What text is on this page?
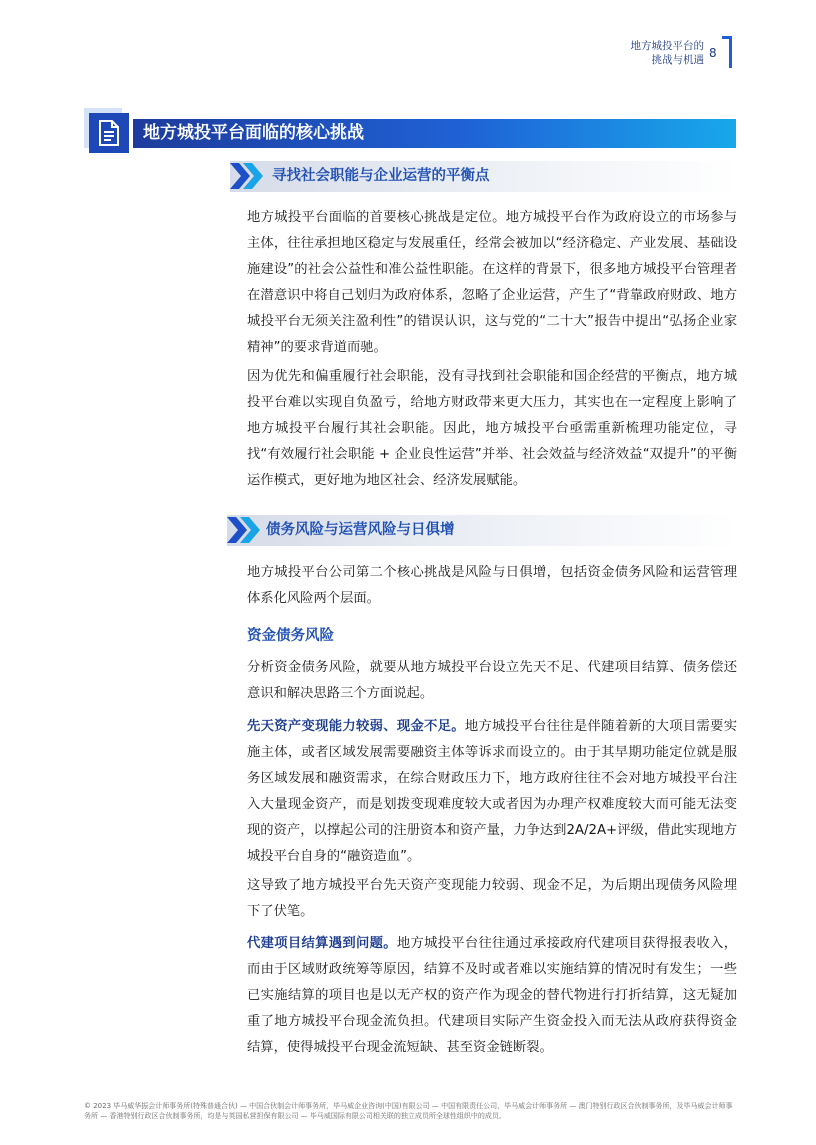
地方城投平台的
挑战与机遇 8
地方城投平台面临的核心挑战
寻找社会职能与企业运营的平衡点

地方城投平台面临的首要核心挑战是定位。地方城投平台作为政府设立的市场参与主体，往往承担地区稳定与发展重任，经常会被加以“经济稳定、产业发展、基础设施建设”的社会公益性和准公益性职能。在这样的背景下，很多地方城投平台管理者在潜意识中将自己划归为政府体系，忽略了企业运营，产生了“背靠政府财政、地方城投平台无须关注盈利性”的错误认识，这与党的“二十大”报告中提出“弘扬企业家精神”的要求背道而驰。

因为优先和偏重履行社会职能，没有寻找到社会职能和国企经营的平衡点，地方城投平台难以实现自负盈亏，给地方财政带来更大压力，其实也在一定程度上影响了地方城投平台履行其社会职能。因此，地方城投平台亟需重新梳理功能定位，寻找“有效履行社会职能 + 企业良性运营”并举、社会效益与经济效益“双提升”的平衡运作模式，更好地为地区社会、经济发展赋能。

债务风险与运营风险与日俱增

地方城投平台公司第二个核心挑战是风险与日俱增，包括资金债务风险和运营管理体系化风险两个层面。

资金债务风险

分析资金债务风险，就要从地方城投平台设立先天不足、代建项目结算、债务偿还意识和解决思路三个方面说起。

先天资产变现能力较弱、现金不足。地方城投平台往往是伴随着新的大项目需要实施主体，或者区域发展需要融资主体等诉求而设立的。由于其早期功能定位就是服务区域发展和融资需求，在综合财政压力下，地方政府往往不会对地方城投平台注入大量现金资产，而是划拨变现难度较大或者因为办理产权难度较大而可能无法变现的资产，以撑起公司的注册资本和资产量，力争达到2A/2A+评级，借此实现地方城投平台自身的“融资造血”。

这导致了地方城投平台先天资产变现能力较弱、现金不足，为后期出现债务风险埋下了伏笔。

代建项目结算遇到问题。地方城投平台往往通过承接政府代建项目获得报表收入，而由于区域财政统筹等原因，结算不及时或者难以实施结算的情况时有发生；一些已实施结算的项目也是以无产权的资产作为现金的替代物进行打折结算，这无疑加重了地方城投平台现金流负担。代建项目实际产生资金投入而无法从政府获得资金结算，使得城投平台现金流短缺、甚至资金链断裂。

© 2023 毕马威华振会计师事务所(特殊普通合伙) — 中国合伙制会计师事务所，毕马威企业咨询(中国)有限公司 — 中国有限责任公司，毕马威会计师事务所 — 澳门特别行政区合伙制事务所，及毕马威会计师事务所 — 香港特别行政区合伙制事务所，均是与英国私营担保有限公司 — 毕马威国际有限公司相关联的独立成员所全球性组织中的成员。
